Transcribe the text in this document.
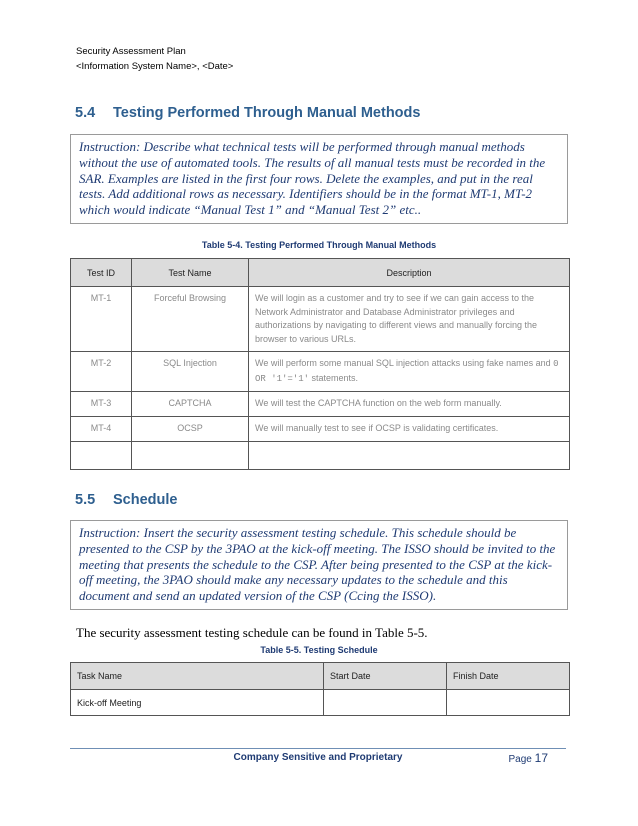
Security Assessment Plan
<Information System Name>, <Date>
5.4 Testing Performed Through Manual Methods
Instruction: Describe what technical tests will be performed through manual methods without the use of automated tools. The results of all manual tests must be recorded in the SAR. Examples are listed in the first four rows. Delete the examples, and put in the real tests. Add additional rows as necessary. Identifiers should be in the format MT-1, MT-2 which would indicate “Manual Test 1” and “Manual Test 2” etc..
Table 5-4. Testing Performed Through Manual Methods
Test ID	Test Name	Description
MT-1	Forceful Browsing	We will login as a customer and try to see if we can gain access to the Network Administrator and Database Administrator privileges and authorizations by navigating to different views and manually forcing the browser to various URLs.
MT-2	SQL Injection	We will perform some manual SQL injection attacks using fake names and 0 OR '1'='1' statements.
MT-3	CAPTCHA	We will test the CAPTCHA function on the web form manually.
MT-4	OCSP	We will manually test to see if OCSP is validating certificates.

5.5 Schedule
Instruction: Insert the security assessment testing schedule. This schedule should be presented to the CSP by the 3PAO at the kick-off meeting. The ISSO should be invited to the meeting that presents the schedule to the CSP. After being presented to the CSP at the kick-off meeting, the 3PAO should make any necessary updates to the schedule and this document and send an updated version of the CSP (Ccing the ISSO).
The security assessment testing schedule can be found in Table 5-5.
Table 5-5. Testing Schedule
Task Name	Start Date	Finish Date
Kick-off Meeting		
Company Sensitive and Proprietary	Page 17
